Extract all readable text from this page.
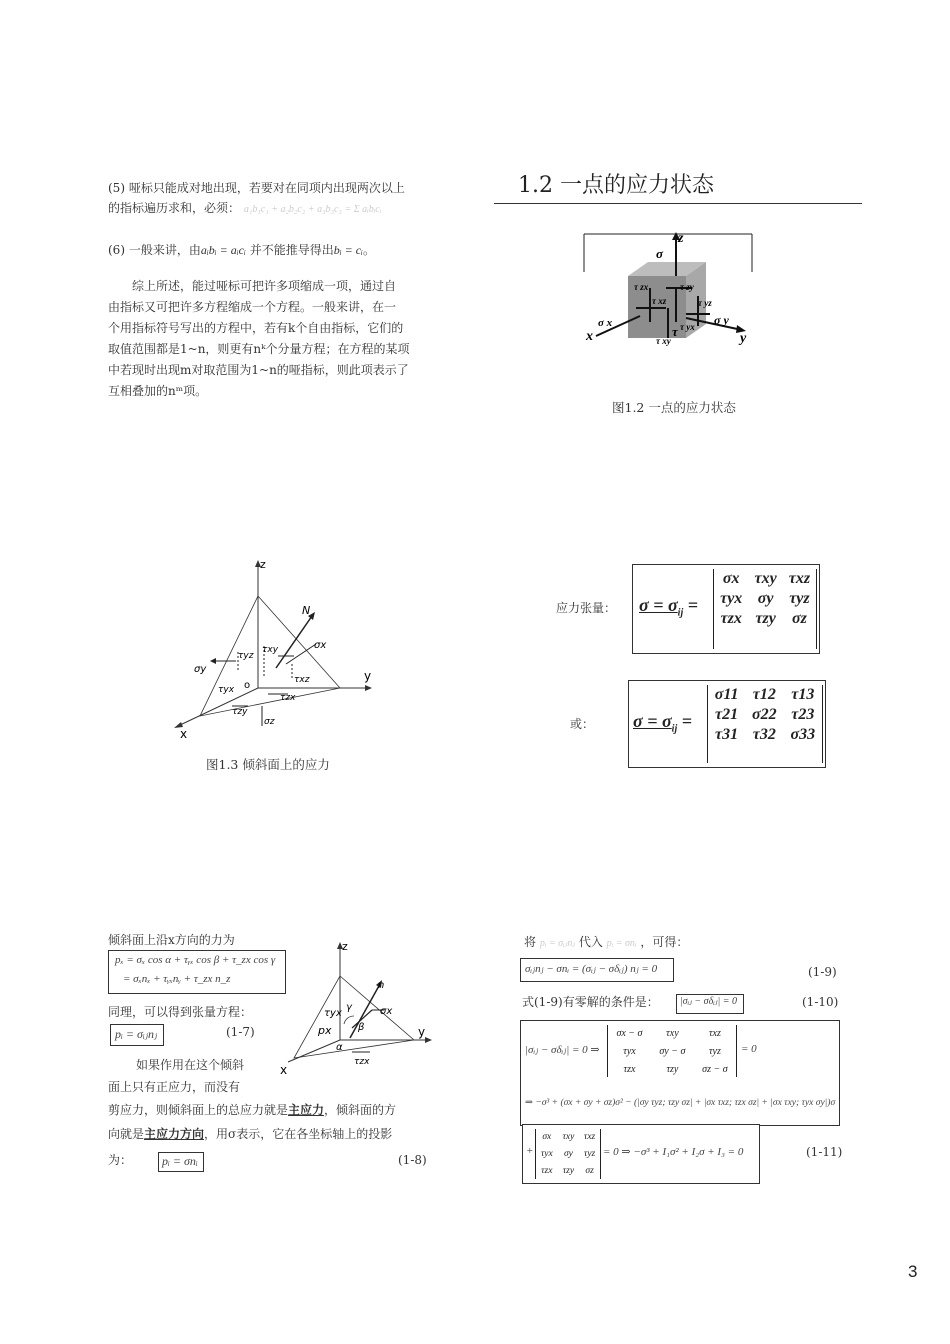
(5) 哑标只能成对地出现，若要对在同项内出现两次以上
的指标遍历求和，必须： a₁b₁c₁ + a₂b₂c₂ + a₃b₃c₃ = Σ aᵢbᵢcᵢ
(6) 一般来讲，由aᵢbᵢ = aᵢcᵢ 并不能推导得出bᵢ = cᵢ。
综上所述，能过哑标可把许多项缩成一项，通过自
由指标又可把许多方程缩成一个方程。一般来讲，在一
个用指标符号写出的方程中，若有k个自由指标，它们的
取值范围都是1~n，则更有nᵏ个分量方程；在方程的某项
中若现时出现m对取范围为1~n的哑指标，则此项表示了
互相叠加的nᵐ项。
1.2 一点的应力状态
z
σ
x	y
σ x	σ y
τ zx	τ zy
τ xz	τ yz
τ xy
τ yx
τ
图1.2 一点的应力状态
z
y
x
o
N
σx
σy
σz
τyz
τxy
τxz
τzx
τyx
τzy
图1.3 倾斜面上的应力
应力张量： $\sigma = \sigma_{ij}$ =
σx	τxy	τxz
τyx	σy	τyz
τzx	τzy	σz
或： $\sigma = \sigma_{ij}$ =
σ11	τ12	τ13
τ21	σ22	τ23
τ31	τ32	σ33
倾斜面上沿x方向的力为
pₓ = σₓ cos α + τᵧₓ cos β + τ_zx cos γ
= σₓnₓ + τᵧₓnᵧ + τ_zx n_z
同理，可以得到张量方程：
pᵢ = σᵢⱼnⱼ	(1-7)
如果作用在这个倾斜
面上只有正应力，而没有
剪应力，则倾斜面上的总应力就是主应力，倾斜面的方
向就是主应力方向，用σ表示，它在各坐标轴上的投影
为： pᵢ = σnᵢ	(1-8)
z
n
σx
y
x
τyx
γ
px	β
α
τzx
将 pᵢ = σᵢⱼnⱼ 代入 pᵢ = σnᵢ ，可得：
σᵢⱼnⱼ − σnᵢ = (σᵢⱼ − σδᵢⱼ) nⱼ = 0	(1-9)
式(1-9)有零解的条件是： |σᵢⱼ − σδᵢⱼ| = 0	(1-10)
|σᵢⱼ − σδᵢⱼ| = 0 ⇒
σx − σ	τxy	τxz
τyx	σy − σ	τyz
τzx	τzy	σz − σ
= 0
⇒ −σ³ + (σx + σy + σz)σ² − (|σy τyz; τzy σz| + |σx τxz; τzx σz| + |σx τxy; τyx σy|)σ
+
σx	τxy	τxz
τyx	σy	τyz
τzx	τzy	σz
= 0 ⇒ −σ³ + I₁σ² + I₂σ + I₃ = 0	(1-11)
3
